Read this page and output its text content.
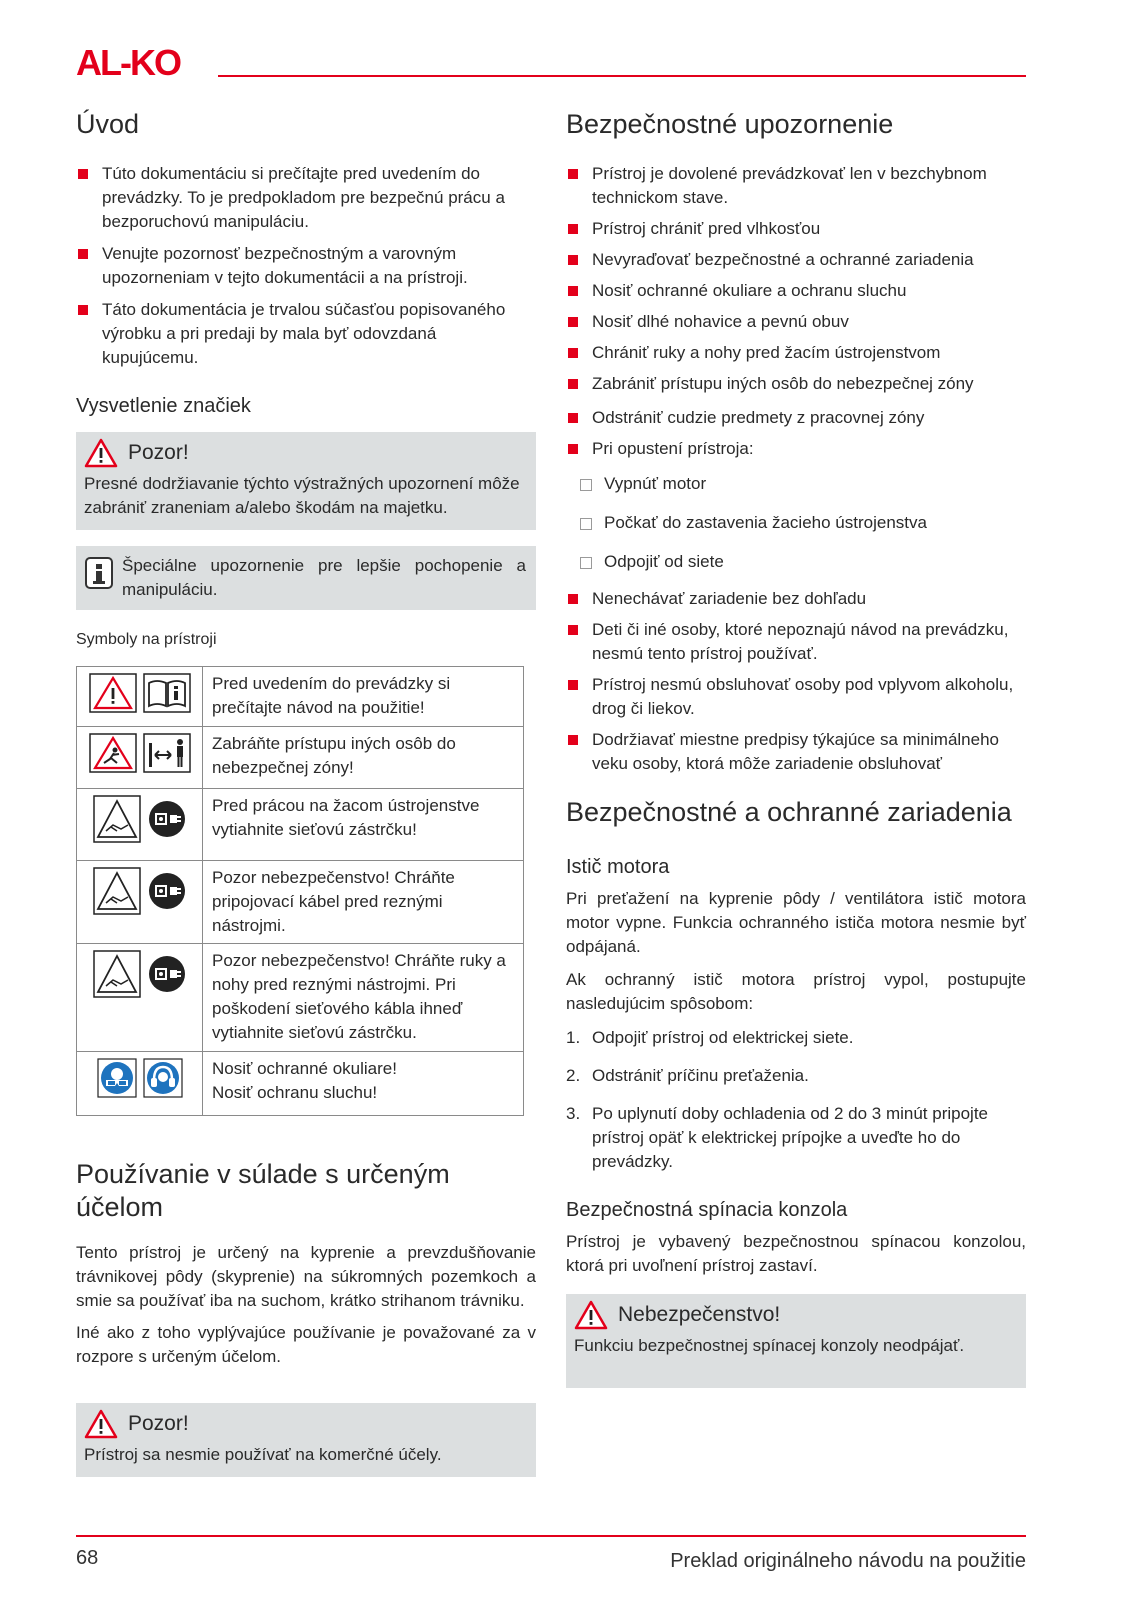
AL-KO
Úvod
Túto dokumentáciu si prečítajte pred uvedením do prevádzky. To je predpokladom pre bezpečnú prácu a bezporuchovú manipuláciu.
Venujte pozornosť bezpečnostným a varovným upozorneniam v tejto dokumentácii a na prístroji.
Táto dokumentácia je trvalou súčasťou popisovaného výrobku a pri predaji by mala byť odovzdaná kupujúcemu.
Vysvetlenie značiek
Pozor!
Presné dodržiavanie týchto výstražných upozornení môže zabrániť zraneniam a/alebo škodám na majetku.
Špeciálne upozornenie pre lepšie pochopenie a manipuláciu.
Symboly na prístroji
	Pred uvedením do prevádzky si prečítajte návod na použitie!

	Zabráňte prístupu iných osôb do nebezpečnej zóny!

	Pred prácou na žacom ústrojenstve vytiahnite sieťovú zástrčku!

	Pozor nebezpečenstvo! Chráňte pripojovací kábel pred reznými nástrojmi.

	Pozor nebezpečenstvo! Chráňte ruky a nohy pred reznými nástrojmi. Pri poškodení sieťového kábla ihneď vytiahnite sieťovú zástrčku.

	Nosiť ochranné okuliare!
Nosiť ochranu sluchu!
Používanie v súlade s určeným účelom

Tento prístroj je určený na kyprenie a prevzdušňovanie trávnikovej pôdy (skyprenie) na súkromných pozemkoch a smie sa používať iba na suchom, krátko strihanom trávniku.

Iné ako z toho vyplývajúce používanie je považované za v rozpore s určeným účelom.

Pozor!
Prístroj sa nesmie používať na komerčné účely.
Bezpečnostné upozornenie
Prístroj je dovolené prevádzkovať len v bezchybnom technickom stave.
Prístroj chrániť pred vlhkosťou
Nevyraďovať bezpečnostné a ochranné zariadenia
Nosiť ochranné okuliare a ochranu sluchu
Nosiť dlhé nohavice a pevnú obuv
Chrániť ruky a nohy pred žacím ústrojenstvom
Zabrániť prístupu iných osôb do nebezpečnej zóny
Odstrániť cudzie predmety z pracovnej zóny
Pri opustení prístroja:
Vypnúť motor
Počkať do zastavenia žacieho ústrojenstva
Odpojiť od siete
Nenechávať zariadenie bez dohľadu
Deti či iné osoby, ktoré nepoznajú návod na prevádzku, nesmú tento prístroj používať.
Prístroj nesmú obsluhovať osoby pod vplyvom alkoholu, drog či liekov.
Dodržiavať miestne predpisy týkajúce sa minimálneho veku osoby, ktorá môže zariadenie obsluhovať
Bezpečnostné a ochranné zariadenia
Istič motora

Pri preťažení na kyprenie pôdy / ventilátora istič motora motor vypne. Funkcia ochranného ističa motora nesmie byť odpájaná.

Ak ochranný istič motora prístroj vypol, postupujte nasledujúcim spôsobom:

1. Odpojiť prístroj od elektrickej siete.
2. Odstrániť príčinu preťaženia.
3. Po uplynutí doby ochladenia od 2 do 3 minút pripojte prístroj opäť k elektrickej prípojke a uveďte ho do prevádzky.
Bezpečnostná spínacia konzola

Prístroj je vybavený bezpečnostnou spínacou konzolou, ktorá pri uvoľnení prístroj zastaví.

Nebezpečenstvo!
Funkciu bezpečnostnej spínacej konzoly neodpájať.
68	Preklad originálneho návodu na použitie
